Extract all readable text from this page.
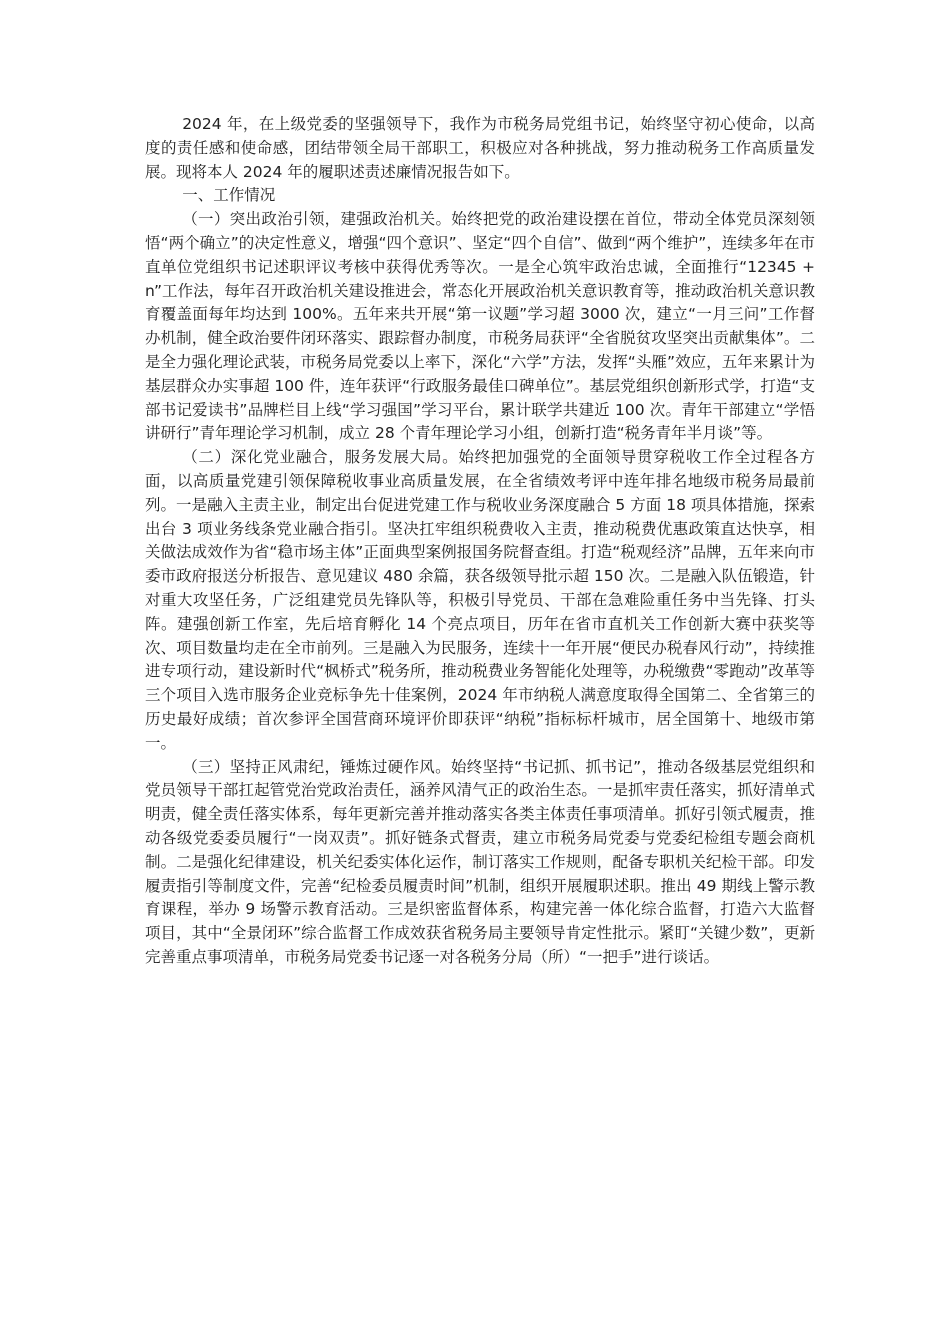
2024 年，在上级党委的坚强领导下，我作为市税务局党组书记，始终坚守初心使命，以高度的责任感和使命感，团结带领全局干部职工，积极应对各种挑战，努力推动税务工作高质量发展。现将本人 2024 年的履职述责述廉情况报告如下。

一、工作情况

（一）突出政治引领，建强政治机关。始终把党的政治建设摆在首位，带动全体党员深刻领悟“两个确立”的决定性意义，增强“四个意识”、坚定“四个自信”、做到“两个维护”，连续多年在市直单位党组织书记述职评议考核中获得优秀等次。一是全心筑牢政治忠诚，全面推行“12345 + n”工作法，每年召开政治机关建设推进会，常态化开展政治机关意识教育等，推动政治机关意识教育覆盖面每年均达到 100%。五年来共开展“第一议题”学习超 3000 次，建立“一月三问”工作督办机制，健全政治要件闭环落实、跟踪督办制度，市税务局获评“全省脱贫攻坚突出贡献集体”。二是全力强化理论武装，市税务局党委以上率下，深化“六学”方法，发挥“头雁”效应，五年来累计为基层群众办实事超 100 件，连年获评“行政服务最佳口碑单位”。基层党组织创新形式学，打造“支部书记爱读书”品牌栏目上线“学习强国”学习平台，累计联学共建近 100 次。青年干部建立“学悟讲研行”青年理论学习机制，成立 28 个青年理论学习小组，创新打造“税务青年半月谈”等。

（二）深化党业融合，服务发展大局。始终把加强党的全面领导贯穿税收工作全过程各方面，以高质量党建引领保障税收事业高质量发展，在全省绩效考评中连年排名地级市税务局最前列。一是融入主责主业，制定出台促进党建工作与税收业务深度融合 5 方面 18 项具体措施，探索出台 3 项业务线条党业融合指引。坚决扛牢组织税费收入主责，推动税费优惠政策直达快享，相关做法成效作为省“稳市场主体”正面典型案例报国务院督查组。打造“税观经济”品牌，五年来向市委市政府报送分析报告、意见建议 480 余篇，获各级领导批示超 150 次。二是融入队伍锻造，针对重大攻坚任务，广泛组建党员先锋队等，积极引导党员、干部在急难险重任务中当先锋、打头阵。建强创新工作室，先后培育孵化 14 个亮点项目，历年在省市直机关工作创新大赛中获奖等次、项目数量均走在全市前列。三是融入为民服务，连续十一年开展“便民办税春风行动”，持续推进专项行动，建设新时代“枫桥式”税务所，推动税费业务智能化处理等，办税缴费“零跑动”改革等三个项目入选市服务企业竞标争先十佳案例，2024 年市纳税人满意度取得全国第二、全省第三的历史最好成绩；首次参评全国营商环境评价即获评“纳税”指标标杆城市，居全国第十、地级市第一。

（三）坚持正风肃纪，锤炼过硬作风。始终坚持“书记抓、抓书记”，推动各级基层党组织和党员领导干部扛起管党治党政治责任，涵养风清气正的政治生态。一是抓牢责任落实，抓好清单式明责，健全责任落实体系，每年更新完善并推动落实各类主体责任事项清单。抓好引领式履责，推动各级党委委员履行“一岗双责”。抓好链条式督责，建立市税务局党委与党委纪检组专题会商机制。二是强化纪律建设，机关纪委实体化运作，制订落实工作规则，配备专职机关纪检干部。印发履责指引等制度文件，完善“纪检委员履责时间”机制，组织开展履职述职。推出 49 期线上警示教育课程，举办 9 场警示教育活动。三是织密监督体系，构建完善一体化综合监督，打造六大监督项目，其中“全景闭环”综合监督工作成效获省税务局主要领导肯定性批示。紧盯“关键少数”，更新完善重点事项清单，市税务局党委书记逐一对各税务分局（所）“一把手”进行谈话。
